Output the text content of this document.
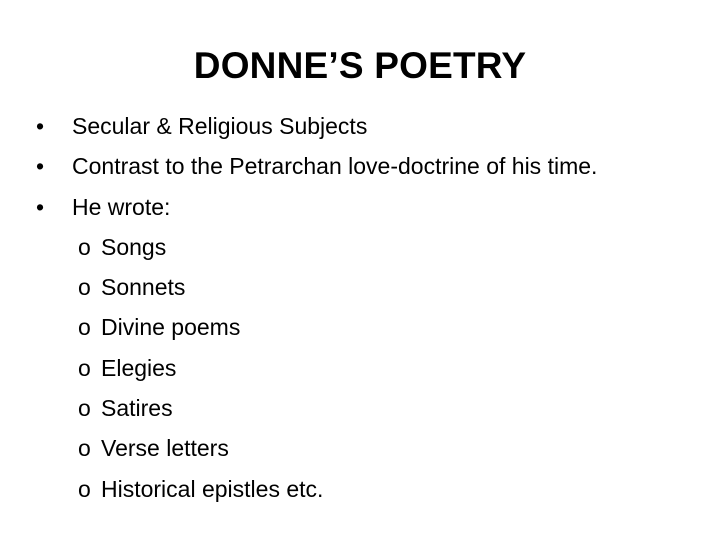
DONNE’S POETRY
•	Secular & Religious Subjects
•	Contrast to the Petrarchan love-doctrine of his time.
•	He wrote:
o Songs
o Sonnets
o Divine poems
o Elegies
o Satires
o Verse letters
o Historical epistles etc.
